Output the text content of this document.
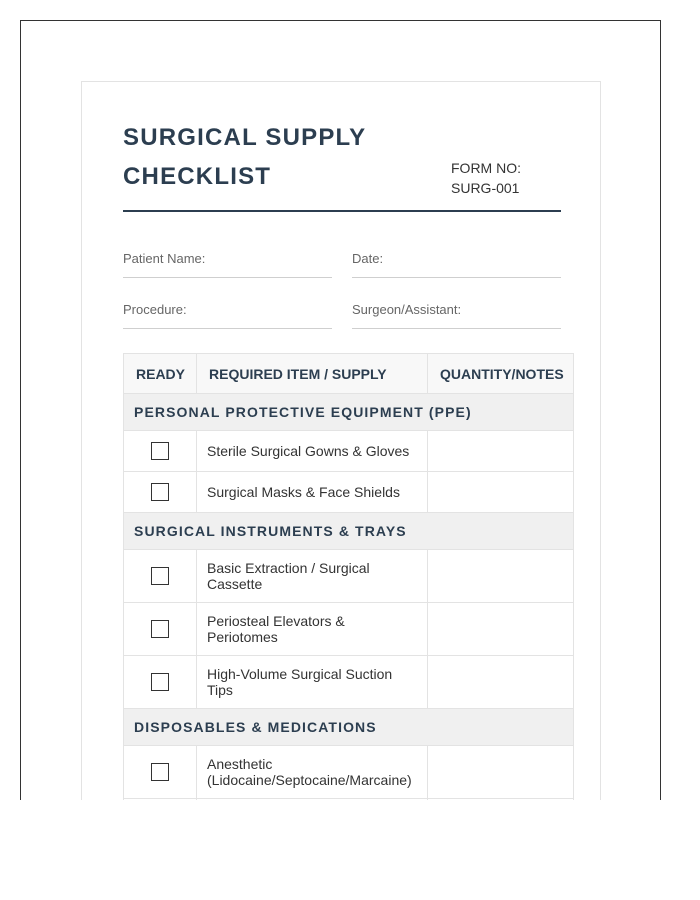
SURGICAL SUPPLY
CHECKLIST	FORM NO:
SURG-001
Patient Name:	Date:
Procedure:	Surgeon/Assistant:
READY	REQUIRED ITEM / SUPPLY	QUANTITY/NOTES
PERSONAL PROTECTIVE EQUIPMENT (PPE)		
	Sterile Surgical Gowns & Gloves	
	Surgical Masks & Face Shields	
SURGICAL INSTRUMENTS & TRAYS		
	Basic Extraction / Surgical Cassette	
	Periosteal Elevators & Periotomes	
	High-Volume Surgical Suction Tips	
DISPOSABLES & MEDICATIONS		
	Anesthetic (Lidocaine/Septocaine/Marcaine)	
